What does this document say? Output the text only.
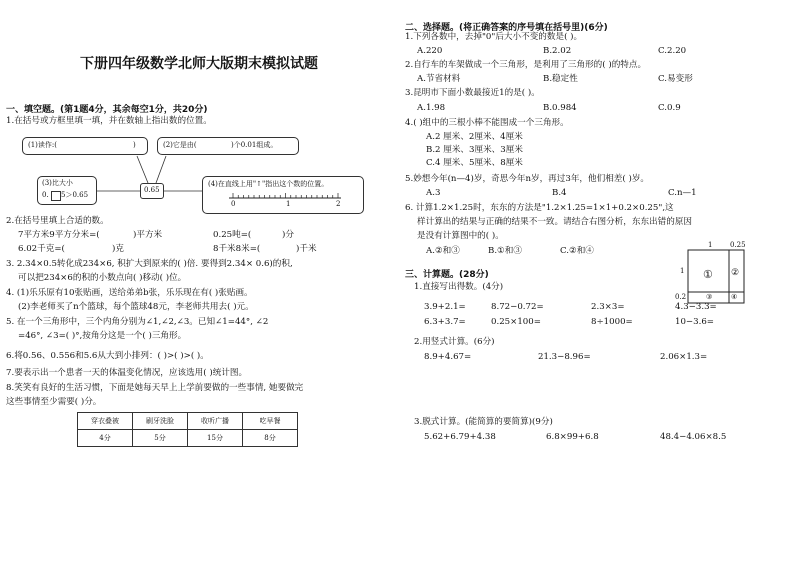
下册四年级数学北师大版期末模拟试题
一、填空题。(第1题4分，其余每空1分，共20分)
1.在括号或方框里填一填，并在数轴上指出数的位置。
(1)读作:(	)	(2)它是由(	)个0.01组成。
(3)比大小
0. 5＞0.65
0.65
(4)在直线上用"↑"指出这个数的位置。
0	1	2
2.在括号里填上合适的数。
7平方米9平方分米=(	)平方米	0.25吨=(	)分
6.02千克=(	)克	8千米8米=(	)千米
3. 2.34×0.5转化成234×6, 积扩大到原来的( )倍. 要得到2.34× 0.6)的积,
可以把234×6的积的小数点向( )移动( )位。
4. (1)乐乐原有10张贴画，送给弟弟b张，乐乐现在有( )张贴画。
(2)李老师买了n个篮球，每个篮球48元，李老师共用去( )元。
5. 在一个三角形中，三个内角分别为∠1,∠2,∠3。已知∠1=44°, ∠2
=46°, ∠3=( )°,按角分这是一个( )三角形。
6.将0.56、0.556和5.6从大到小排列：( )>( )>( )。
7.要表示出一个患者一天的体温变化情况，应该选用( )统计图。
8.笑笑有良好的生活习惯，下面是她每天早上上学前要做的一些事情, 她要做完
这些事情至少需要( )分。
穿衣叠被	刷牙洗脸	收听广播	吃早餐
4分	5分	15分	8分
二、选择题。(将正确答案的序号填在括号里)(6分)
1.下列各数中，去掉"0"后大小不变的数是( )。
A.220	B.2.02	C.2.20
2.自行车的车架做成一个三角形，是利用了三角形的( )的特点。
A.节省材料	B.稳定性	C.易变形
3.昆明市下面小数最接近1的是( )。
A.1.98	B.0.984	C.0.9
4.( )组中的三根小棒不能围成一个三角形。
A.2 厘米、2厘米、4厘米
B.2 厘米、3厘米、3厘米
C.4 厘米、5厘米、8厘米
5.妙想今年(n—4)岁，奇思今年n岁，再过3年，他们相差( )岁。
A.3	B.4	C.n—1
6. 计算1.2×1.25时，东东的方法是"1.2×1.25=1×1+0.2×0.25",这
样计算出的结果与正确的结果不一致。请结合右图分析，东东出错的原因
是没有计算图中的( )。
A.②和③	B.①和③	C.②和④
1	0.25
1
0.2
① ②
③	④
三、计算题。(28分)
1.直接写出得数。(4分)
3.9+2.1=	8.72−0.72=	2.3×3=	4.3−3.3=
6.3+3.7=	0.25×100=	8÷1000=	10−3.6=
2.用竖式计算。(6分)
8.9+4.67=	21.3−8.96=	2.06×1.3=
3.脱式计算。(能简算的要简算)(9分)
5.62+6.79+4.38	6.8×99+6.8	48.4−4.06×8.5
